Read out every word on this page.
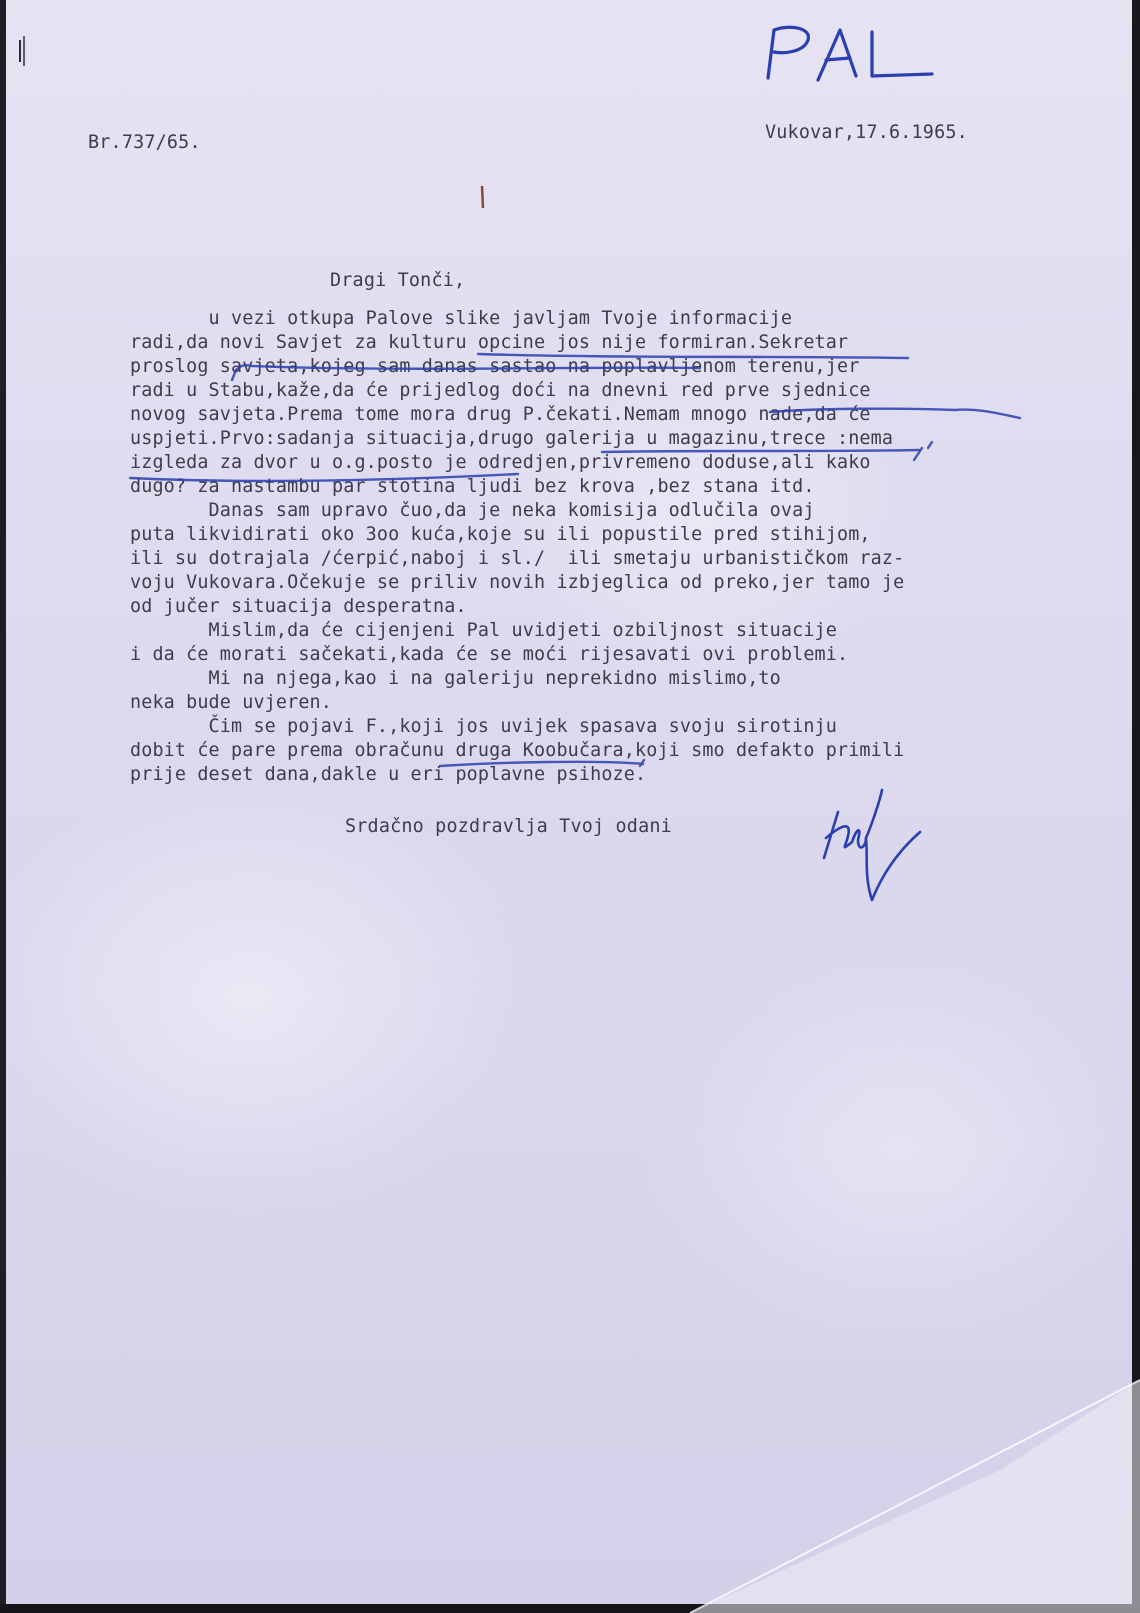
Br.737/65.	Vukovar,17.6.1965.
Dragi Tonči,
u vezi otkupa Palove slike javljam Tvoje informacije
radi,da novi Savjet za kulturu opcine jos nije formiran.Sekretar
proslog savjeta,kojeg sam danas sastao na poplavljenom terenu,jer
radi u Stabu,kaže,da će prijedlog doći na dnevni red prve sjednice
novog savjeta.Prema tome mora drug P.čekati.Nemam mnogo nade,da će
uspjeti.Prvo:sadanja situacija,drugo galerija u magazinu,trece :nema
izgleda za dvor u o.g.posto je odredjen,privremeno doduse,ali kako
dugo? za nastambu par stotina ljudi bez krova ,bez stana itd.
Danas sam upravo čuo,da je neka komisija odlučila ovaj
puta likvidirati oko 3oo kuća,koje su ili popustile pred stihijom,
ili su dotrajala /ćerpić,naboj i sl./  ili smetaju urbanističkom raz-
voju Vukovara.Očekuje se priliv novih izbjeglica od preko,jer tamo je
od jučer situacija desperatna.
Mislim,da će cijenjeni Pal uvidjeti ozbiljnost situacije
i da će morati sačekati,kada će se moći rijesavati ovi problemi.
Mi na njega,kao i na galeriju neprekidno mislimo,to
neka bude uvjeren.
Čim se pojavi F.,koji jos uvijek spasava svoju sirotinju
dobit će pare prema obračunu druga Koobučara,koji smo defakto primili
prije deset dana,dakle u eri poplavne psihoze.
Srdačno pozdravlja Tvoj odani
